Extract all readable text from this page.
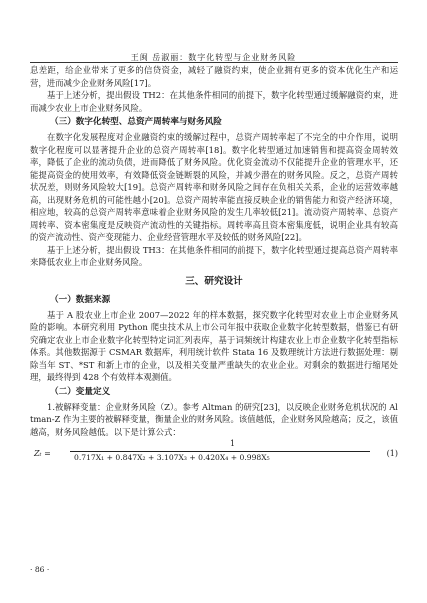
王闽 岳淑丽：数字化转型与企业财务风险

息差距，给企业带来了更多的信贷资金，减轻了融资约束，使企业拥有更多的资本优化生产和运营，进而减少企业财务风险[17]。

基于上述分析，提出假设 TH2：在其他条件相同的前提下，数字化转型通过缓解融资约束，进而减少农业上市企业财务风险。

（三）数字化转型、总资产周转率与财务风险

在数字化发展程度对企业融资约束的缓解过程中，总资产周转率起了不完全的中介作用，说明数字化程度可以显著提升企业的总资产周转率[18]。数字化转型通过加速销售和提高资金周转效率，降低了企业的流动负债，进而降低了财务风险。优化资金流动不仅能提升企业的管理水平，还能提高资金的使用效率，有效降低资金链断裂的风险，并减少潜在的财务风险。反之，总资产周转状况差，则财务风险较大[19]。总资产周转率和财务风险之间存在负相关关系，企业的运营效率越高，出现财务危机的可能性越小[20]。总资产周转率能直接反映企业的销售能力和资产经济环境，相应地，较高的总资产周转率意味着企业财务风险的发生几率较低[21]。流动资产周转率、总资产周转率、资本密集度是反映资产流动性的关键指标。周转率高且资本密集度低，说明企业具有较高的资产流动性、资产变现能力、企业经营管理水平及较低的财务风险[22]。

基于上述分析，提出假设 TH3：在其他条件相同的前提下，数字化转型通过提高总资产周转率来降低农业上市企业财务风险。

三、研究设计
（一）数据来源

基于 A 股农业上市企业 2007—2022 年的样本数据，探究数字化转型对农业上市企业财务风险的影响。本研究利用 Python 爬虫技术从上市公司年报中获取企业数字化转型数据，借鉴已有研究确定农业上市企业数字化转型特定词汇列表库，基于词频统计构建农业上市企业数字化转型指标体系。其他数据源于 CSMAR 数据库，利用统计软件 Stata 16 及数理统计方法进行数据处理：剔除当年 ST、*ST 和新上市的企业，以及相关变量严重缺失的农业企业。对剩余的数据进行缩尾处理，最终得到 428 个有效样本观测值。

（二）变量定义

1.被解释变量：企业财务风险（Z）。参考 Altman 的研究[23]，以反映企业财务危机状况的 Altman-Z 作为主要的被解释变量，衡量企业的财务风险。该值越低，企业财务风险越高；反之，该值越高，财务风险越低。以下是计算公式：

Zₜ =
1
0.717X₁ + 0.847X₂ + 3.107X₃ + 0.420X₄ + 0.998X₅	(1)
· 86 ·
